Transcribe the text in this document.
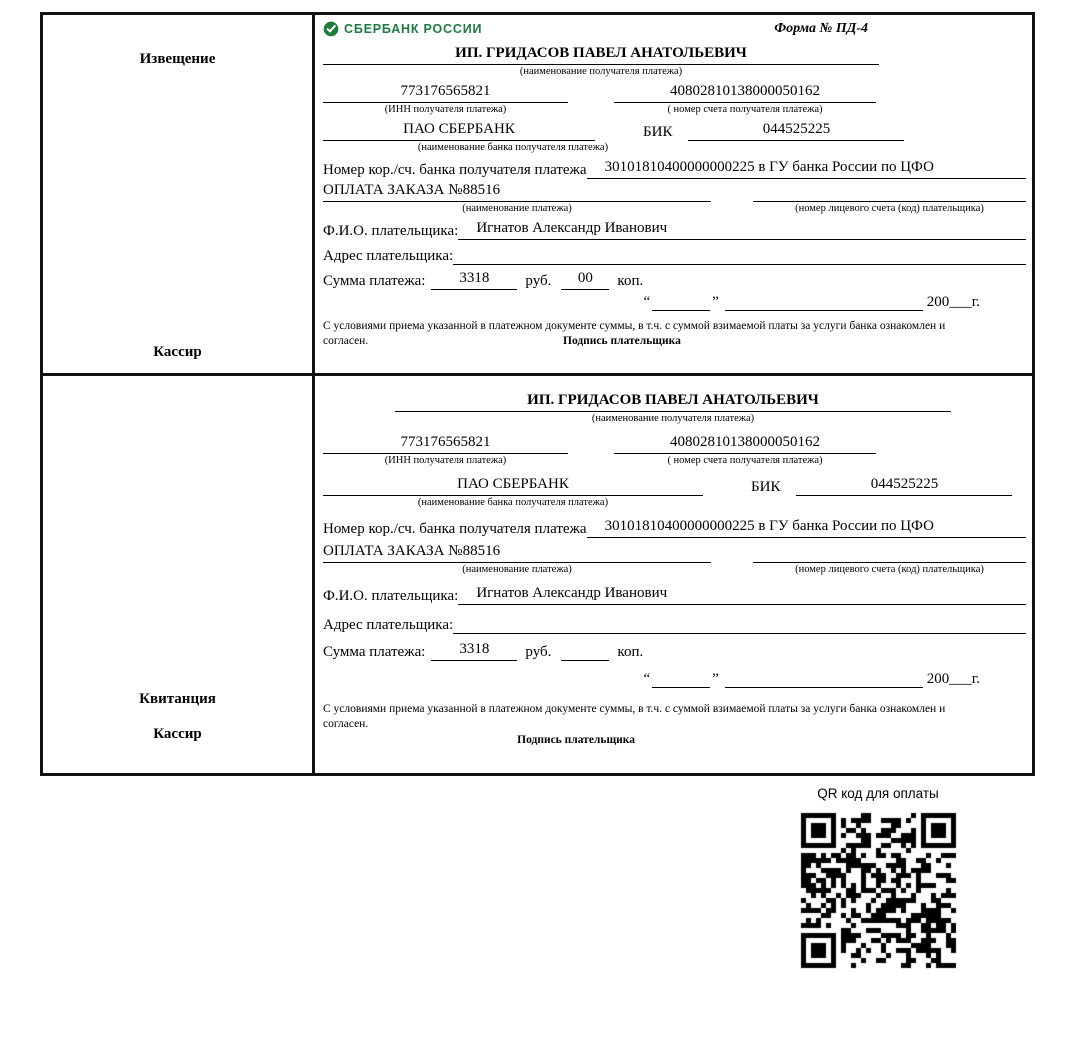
Извещение
Кассир
СБЕРБАНК РОССИИ	Форма № ПД-4
ИП. ГРИДАСОВ ПАВЕЛ АНАТОЛЬЕВИЧ
(наименование получателя платежа)
773176565821
(ИНН получателя платежа)
40802810138000050162
( номер счета получателя платежа)
ПАО СБЕРБАНК	БИК	044525225
(наименование банка получателя платежа)
Номер кор./сч. банка получателя платежа	30101810400000000225 в ГУ банка России по ЦФО
ОПЛАТА ЗАКАЗА №88516
(наименование платежа)	(номер лицевого счета (код) плательщика)
Ф.И.О. плательщика:	Игнатов Александр Иванович
Адрес плательщика:
Сумма платежа:	3318	руб.	00	коп.
“	”	200___г.
С условиями приема указанной в платежном документе суммы, в т.ч. с суммой взимаемой платы за услуги банка ознакомлен и согласен.	Подпись плательщика
Квитанция
Кассир
ИП. ГРИДАСОВ ПАВЕЛ АНАТОЛЬЕВИЧ
(наименование получателя платежа)
773176565821
(ИНН получателя платежа)
40802810138000050162
( номер счета получателя платежа)
ПАО СБЕРБАНК	БИК	044525225
(наименование банка получателя платежа)
Номер кор./сч. банка получателя платежа	30101810400000000225 в ГУ банка России по ЦФО
ОПЛАТА ЗАКАЗА №88516
(наименование платежа)	(номер лицевого счета (код) плательщика)
Ф.И.О. плательщика:	Игнатов Александр Иванович
Адрес плательщика:
Сумма платежа:	3318	руб.	коп.
“	”	200___г.
С условиями приема указанной в платежном документе суммы, в т.ч. с суммой взимаемой платы за услуги банка ознакомлен и согласен.
Подпись плательщика
QR код для оплаты
